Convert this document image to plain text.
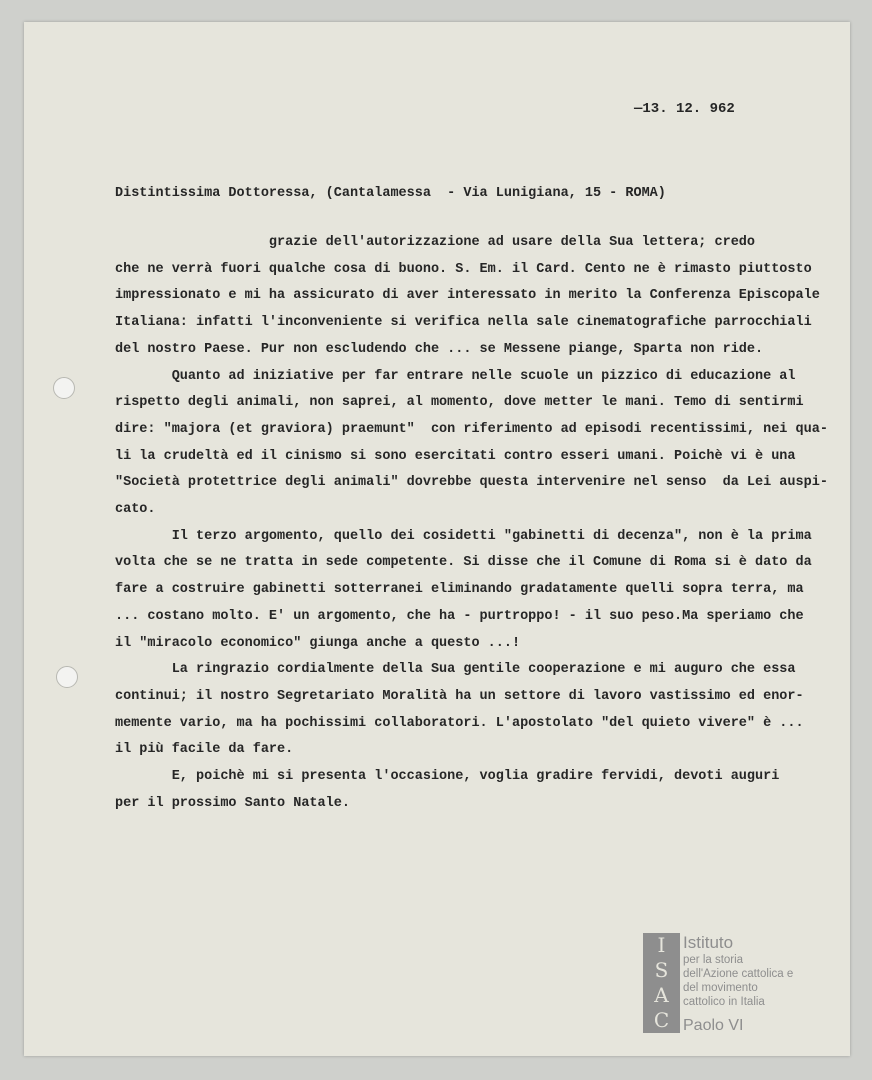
—13. 12. 962
Distintissima Dottoressa, (Cantalamessa  - Via Lunigiana, 15 - ROMA)
grazie dell'autorizzazione ad usare della Sua lettera; credo
che ne verrà fuori qualche cosa di buono. S. Em. il Card. Cento ne è rimasto piuttosto
impressionato e mi ha assicurato di aver interessato in merito la Conferenza Episcopale
Italiana: infatti l'inconveniente si verifica nella sale cinematografiche parrocchiali
del nostro Paese. Pur non escludendo che ... se Messene piange, Sparta non ride.
Quanto ad iniziative per far entrare nelle scuole un pizzico di educazione al
rispetto degli animali, non saprei, al momento, dove metter le mani. Temo di sentirmi
dire: "majora (et graviora) praemunt"  con riferimento ad episodi recentissimi, nei qua-
li la crudeltà ed il cinismo si sono esercitati contro esseri umani. Poichè vi è una
"Società protettrice degli animali" dovrebbe questa intervenire nel senso  da Lei auspi-
cato.
Il terzo argomento, quello dei cosidetti "gabinetti di decenza", non è la prima
volta che se ne tratta in sede competente. Si disse che il Comune di Roma si è dato da
fare a costruire gabinetti sotterranei eliminando gradatamente quelli sopra terra, ma
... costano molto. E' un argomento, che ha - purtroppo! - il suo peso.Ma speriamo che
il "miracolo economico" giunga anche a questo ...!
La ringrazio cordialmente della Sua gentile cooperazione e mi auguro che essa
continui; il nostro Segretariato Moralità ha un settore di lavoro vastissimo ed enor-
memente vario, ma ha pochissimi collaboratori. L'apostolato "del quieto vivere" è ...
il più facile da fare.
E, poichè mi si presenta l'occasione, voglia gradire fervidi, devoti auguri
per il prossimo Santo Natale.
I
S
A
C
Istituto
per la storia dell'Azione cattolica e del movimento cattolico in Italia
Paolo VI
